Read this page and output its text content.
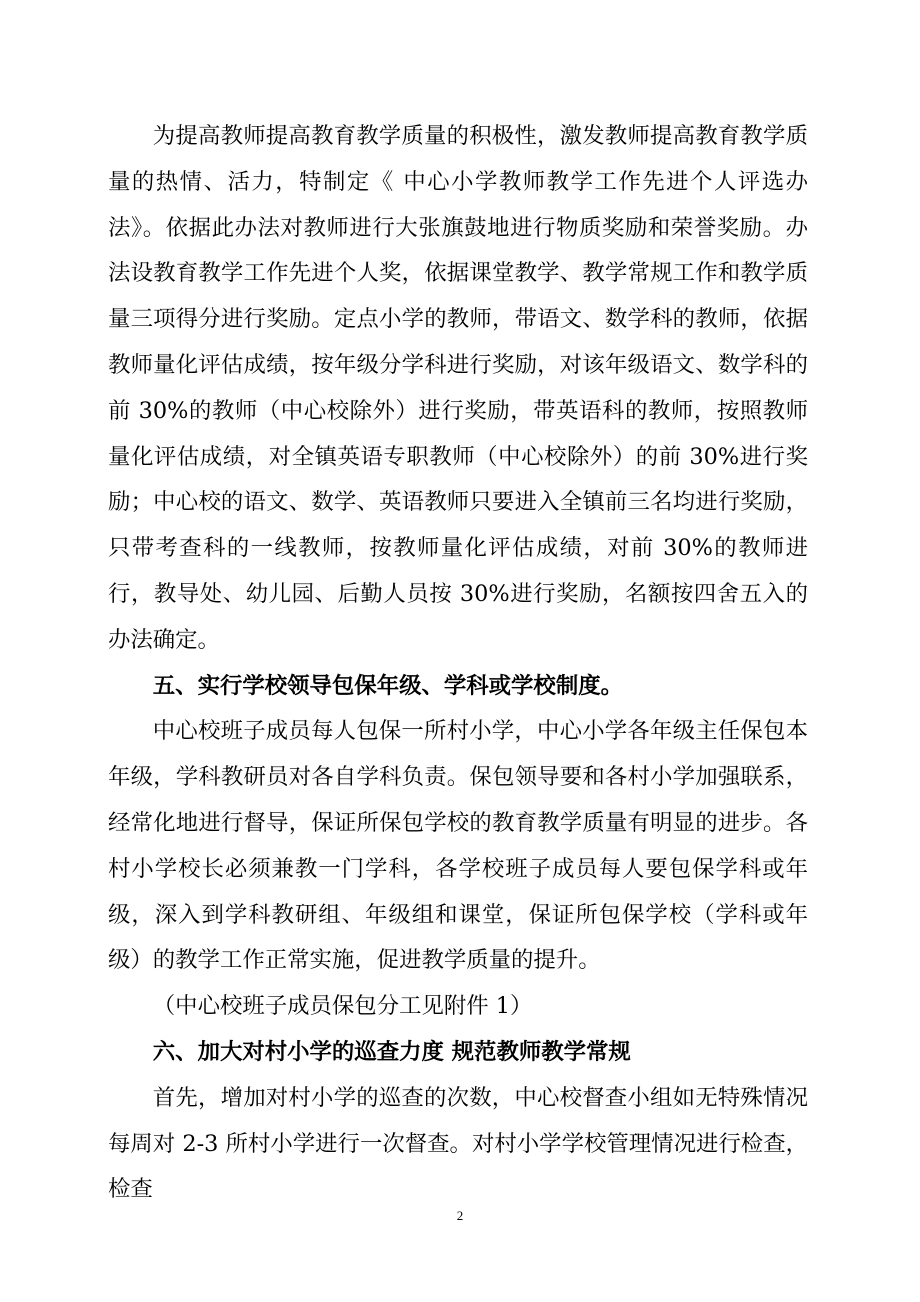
为提高教师提高教育教学质量的积极性，激发教师提高教育教学质量的热情、活力，特制定《 中心小学教师教学工作先进个人评选办法》。依据此办法对教师进行大张旗鼓地进行物质奖励和荣誉奖励。办法设教育教学工作先进个人奖，依据课堂教学、教学常规工作和教学质量三项得分进行奖励。定点小学的教师，带语文、数学科的教师，依据教师量化评估成绩，按年级分学科进行奖励，对该年级语文、数学科的前 30%的教师（中心校除外）进行奖励，带英语科的教师，按照教师量化评估成绩，对全镇英语专职教师（中心校除外）的前 30%进行奖励；中心校的语文、数学、英语教师只要进入全镇前三名均进行奖励，只带考查科的一线教师，按教师量化评估成绩，对前 30%的教师进行，教导处、幼儿园、后勤人员按 30%进行奖励，名额按四舍五入的办法确定。

五、实行学校领导包保年级、学科或学校制度。

中心校班子成员每人包保一所村小学，中心小学各年级主任保包本年级，学科教研员对各自学科负责。保包领导要和各村小学加强联系，经常化地进行督导，保证所保包学校的教育教学质量有明显的进步。各村小学校长必须兼教一门学科，各学校班子成员每人要包保学科或年级，深入到学科教研组、年级组和课堂，保证所包保学校（学科或年级）的教学工作正常实施，促进教学质量的提升。

（中心校班子成员保包分工见附件 1）

六、加大对村小学的巡查力度 规范教师教学常规

首先，增加对村小学的巡查的次数，中心校督查小组如无特殊情况每周对 2-3 所村小学进行一次督查。对村小学学校管理情况进行检查，检查

2
